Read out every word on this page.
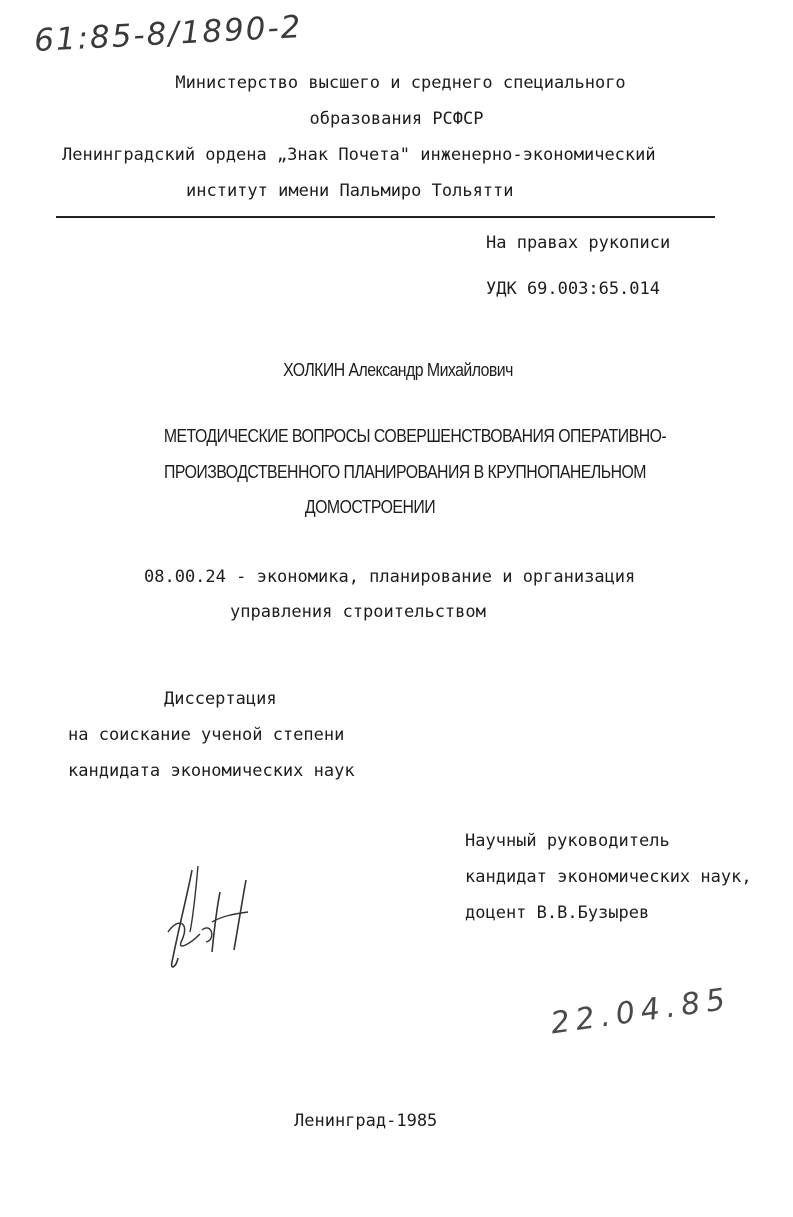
61:85-8/1890-2
Министерство высшего и среднего специального
образования РСФСР
Ленинградский ордена „Знак Почета" инженерно-экономический
институт имени Пальмиро Тольятти
На правах рукописи
УДК 69.003:65.014
ХОЛКИН Александр Михайлович
МЕТОДИЧЕСКИЕ ВОПРОСЫ СОВЕРШЕНСТВОВАНИЯ ОПЕРАТИВНО-
ПРОИЗВОДСТВЕННОГО ПЛАНИРОВАНИЯ В КРУПНОПАНЕЛЬНОМ
ДОМОСТРОЕНИИ
08.00.24 - экономика, планирование и организация
управления строительством
Диссертация
на соискание ученой степени
кандидата экономических наук
Научный руководитель
кандидат экономических наук,
доцент В.В.Бузырев
22.04.85
Ленинград-1985
